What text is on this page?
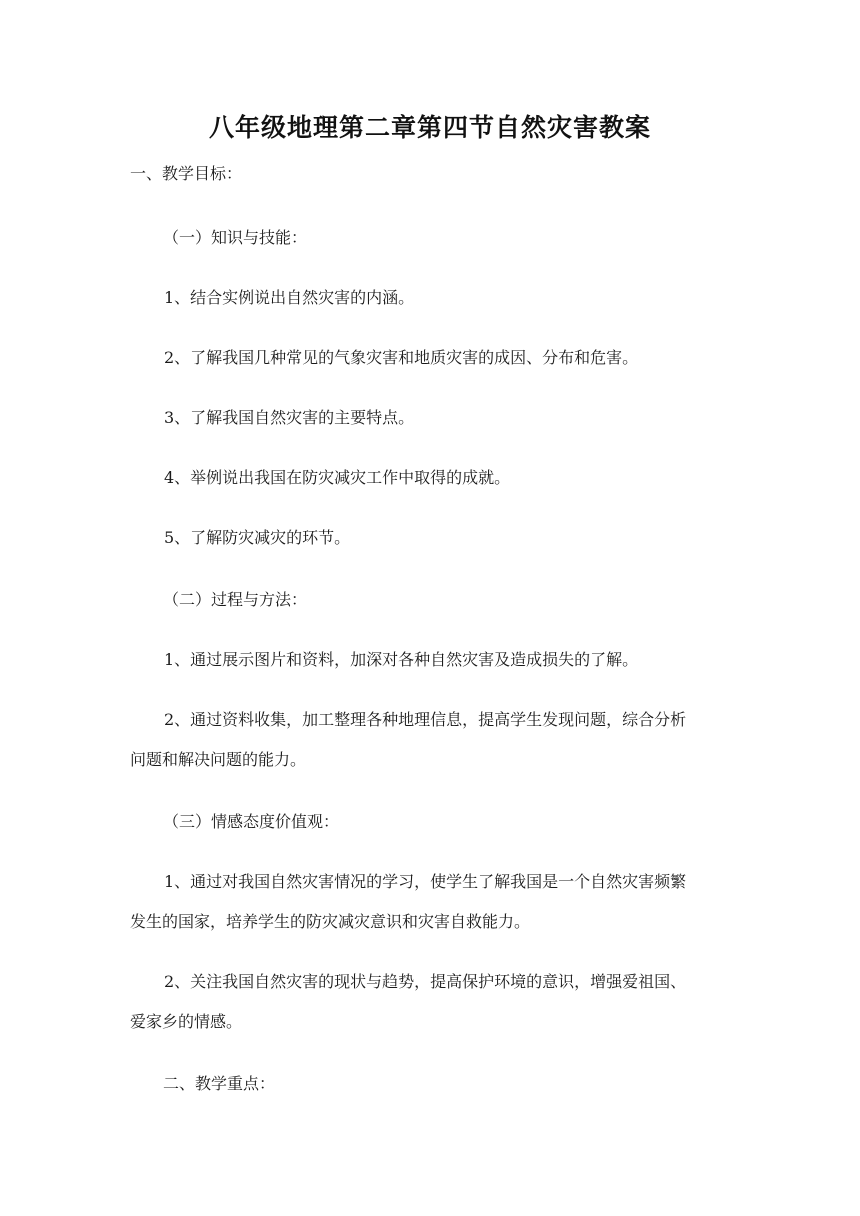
八年级地理第二章第四节自然灾害教案
一、教学目标：
（一）知识与技能：
1、结合实例说出自然灾害的内涵。
2、了解我国几种常见的气象灾害和地质灾害的成因、分布和危害。
3、了解我国自然灾害的主要特点。
4、举例说出我国在防灾减灾工作中取得的成就。
5、了解防灾减灾的环节。
（二）过程与方法：
1、通过展示图片和资料，加深对各种自然灾害及造成损失的了解。
2、通过资料收集，加工整理各种地理信息，提高学生发现问题，综合分析
问题和解决问题的能力。
（三）情感态度价值观：
1、通过对我国自然灾害情况的学习，使学生了解我国是一个自然灾害频繁
发生的国家，培养学生的防灾减灾意识和灾害自救能力。
2、关注我国自然灾害的现状与趋势，提高保护环境的意识，增强爱祖国、
爱家乡的情感。
二、教学重点：
